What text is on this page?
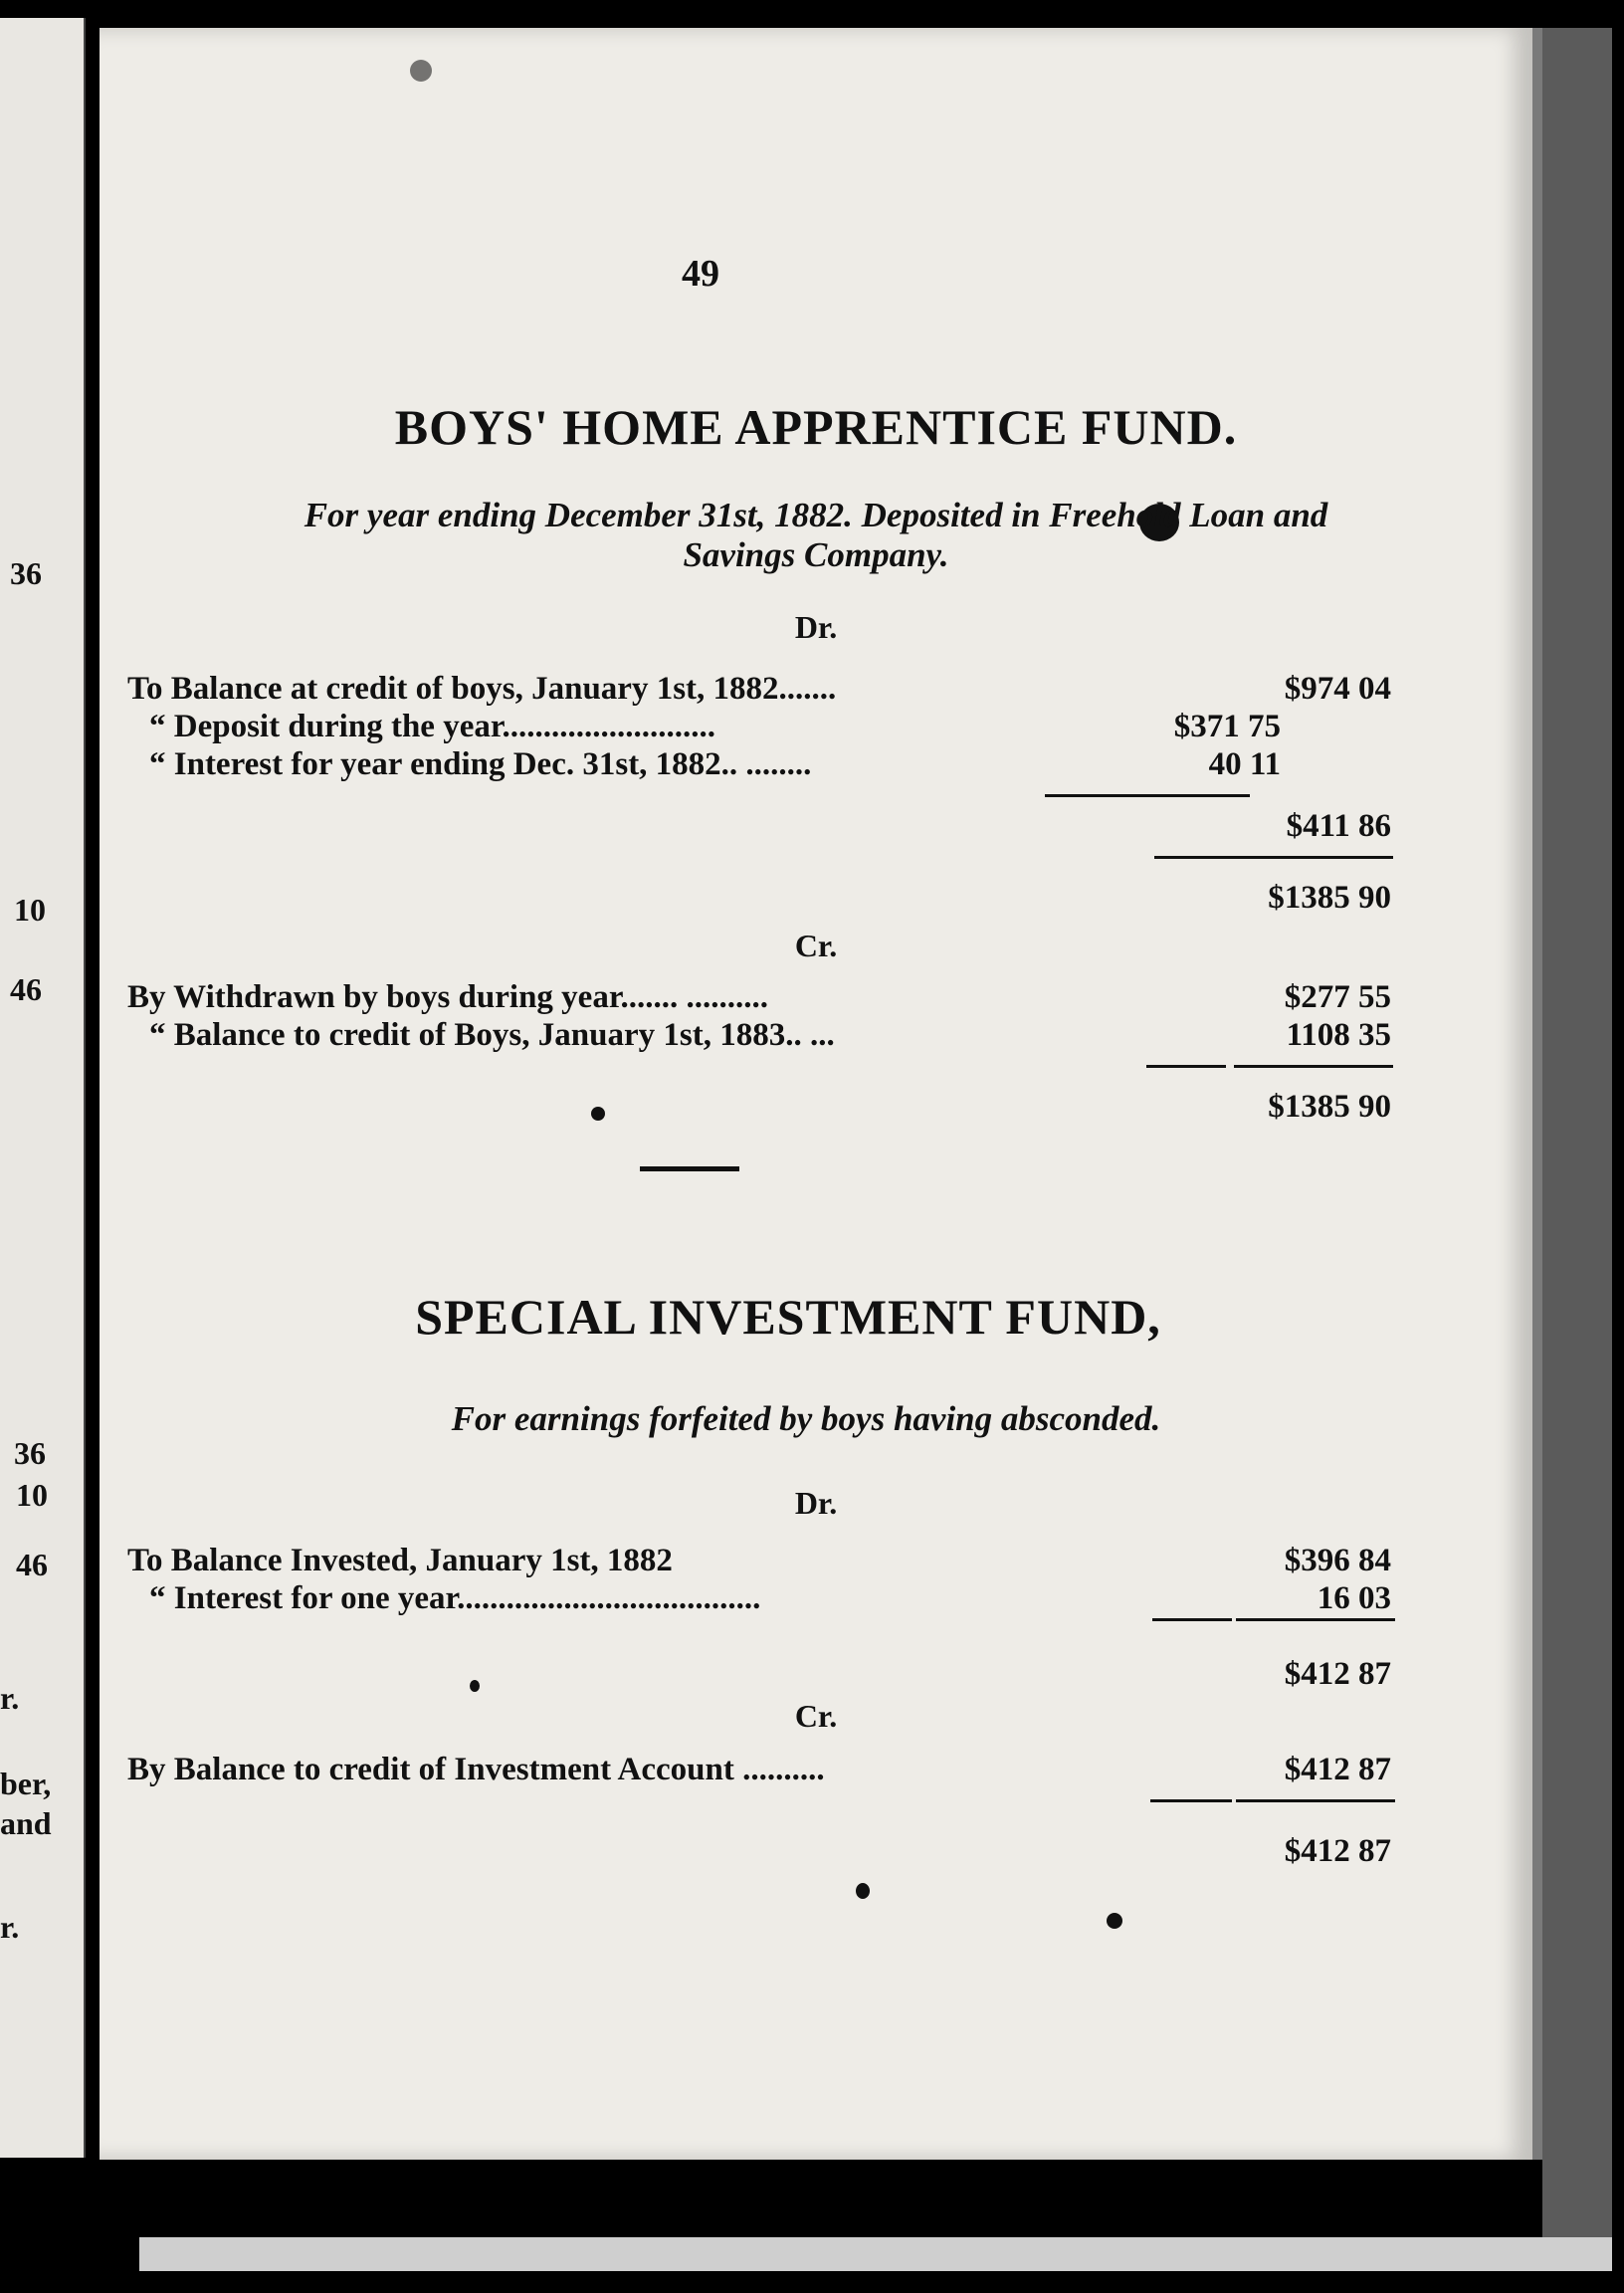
36
10
46
36
10
46
r.
ber,
and
r.
49
BOYS' HOME APPRENTICE FUND.
For year ending December 31st, 1882. Deposited in Freehold Loan and
Savings Company.
Dr.
To Balance at credit of boys, January 1st, 1882.......	$974 04
“ Deposit during the year..........................	$371 75
“ Interest for year ending Dec. 31st, 1882.. ........	40 11
$411 86
$1385 90
Cr.
By Withdrawn by boys during year....... ..........	$277 55
“ Balance to credit of Boys, January 1st, 1883.. ...	1108 35
$1385 90
SPECIAL INVESTMENT FUND,
For earnings forfeited by boys having absconded.
Dr.
To Balance Invested, January 1st, 1882	$396 84
“ Interest for one year.....................................	16 03
$412 87
Cr.
By Balance to credit of Investment Account ..........	$412 87
$412 87
